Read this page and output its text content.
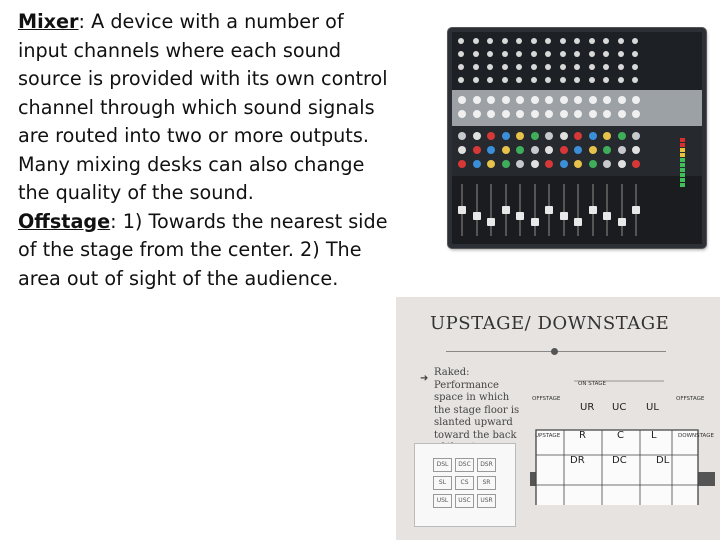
Mixer: A device with a number of input channels where each sound source is provided with its own control channel through which sound signals are routed into two or more outputs. Many mixing desks can also change the quality of the sound.

Offstage: 1) Towards the nearest side of the stage from the center. 2) The area out of sight of the audience.

UPSTAGE/ DOWNSTAGE
➜
Raked: Performance space in which the stage floor is slanted upward toward the back
ON STAGE
OFFSTAGE	OFFSTAGE
UPSTAGE	DOWNSTAGE
UR UC UL
R	C	L
DR	DC	DL
DSL	DSC	DSR
SL	CS	SR
USL	USC	USR
